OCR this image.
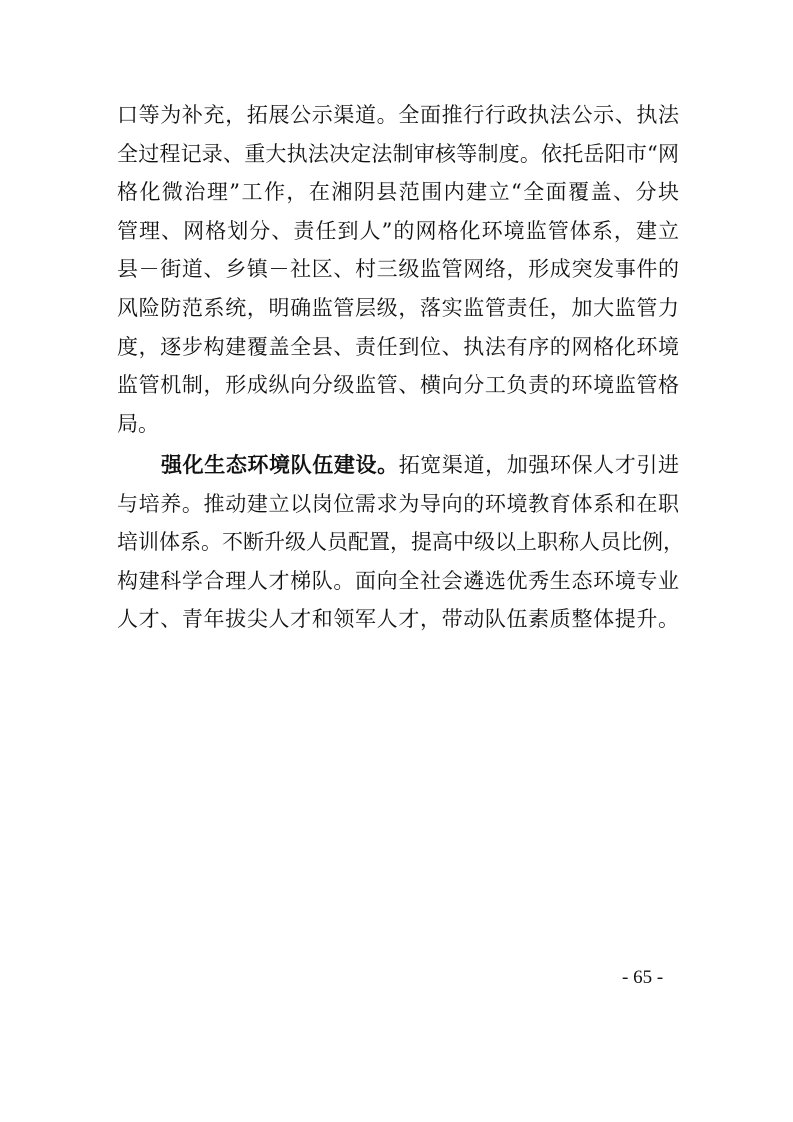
口等为补充，拓展公示渠道。全面推行行政执法公示、执法
全过程记录、重大执法决定法制审核等制度。依托岳阳市“网
格化微治理”工作，在湘阴县范围内建立“全面覆盖、分块
管理、网格划分、责任到人”的网格化环境监管体系，建立
县－街道、乡镇－社区、村三级监管网络，形成突发事件的
风险防范系统，明确监管层级，落实监管责任，加大监管力
度，逐步构建覆盖全县、责任到位、执法有序的网格化环境
监管机制，形成纵向分级监管、横向分工负责的环境监管格
局。
强化生态环境队伍建设。拓宽渠道，加强环保人才引进
与培养。推动建立以岗位需求为导向的环境教育体系和在职
培训体系。不断升级人员配置，提高中级以上职称人员比例，
构建科学合理人才梯队。面向全社会遴选优秀生态环境专业
人才、青年拔尖人才和领军人才，带动队伍素质整体提升。
- 65 -
